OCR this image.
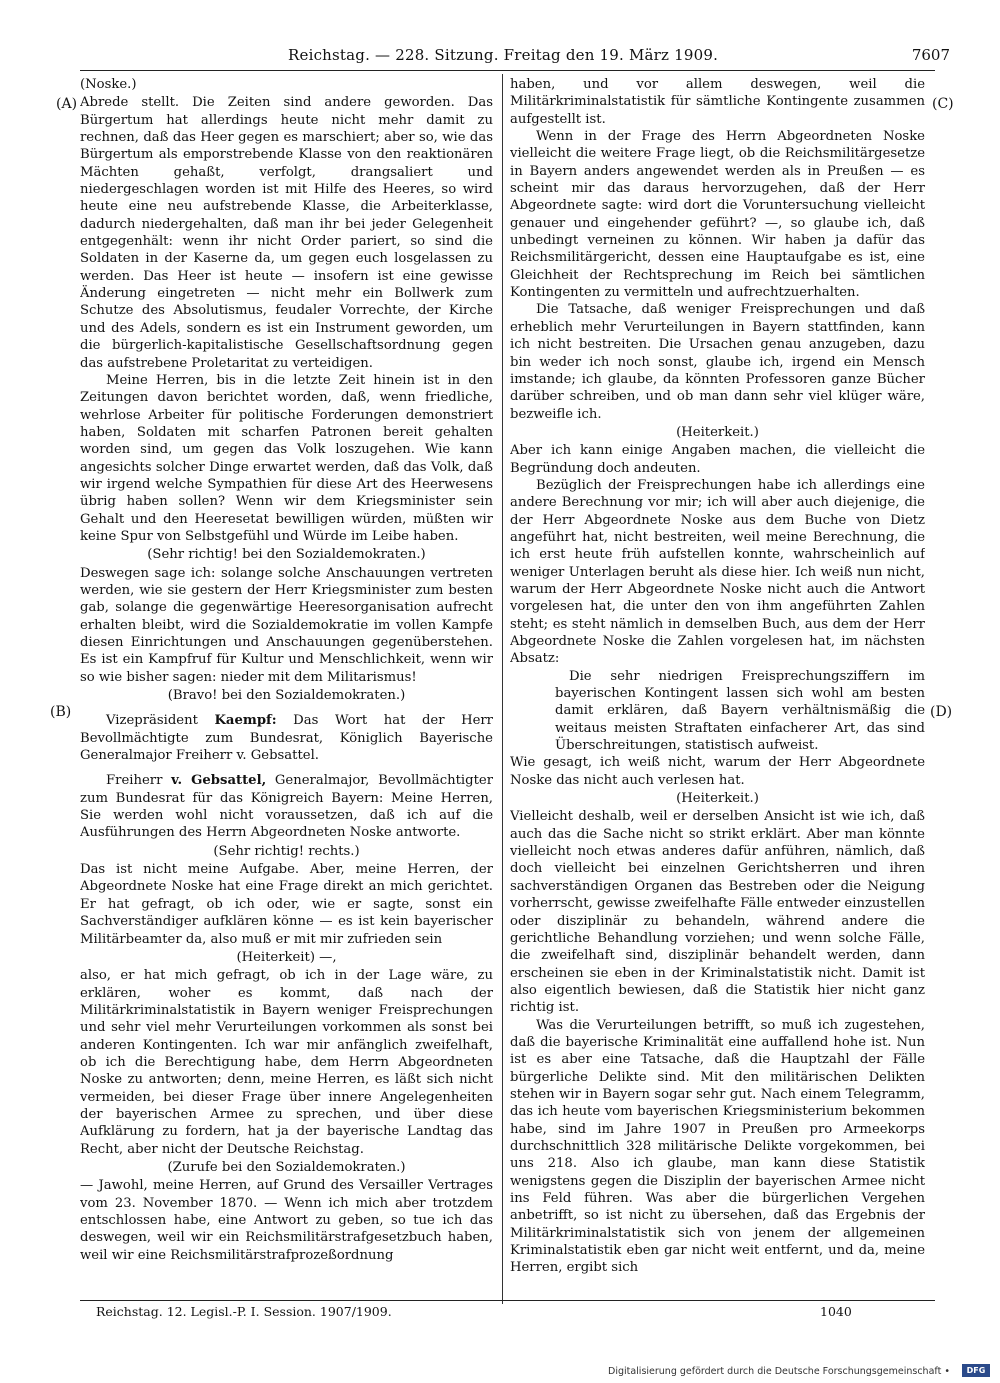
Reichstag. — 228. Sitzung. Freitag den 19. März 1909.	7607
(A)
(B)
(C)
(D)

(Noske.)

Abrede stellt. Die Zeiten sind andere geworden. Das Bürgertum hat allerdings heute nicht mehr damit zu rechnen, daß das Heer gegen es marschiert; aber so, wie das Bürgertum als emporstrebende Klasse von den reaktionären Mächten gehaßt, verfolgt, drangsaliert und niedergeschlagen worden ist mit Hilfe des Heeres, so wird heute eine neu aufstrebende Klasse, die Arbeiterklasse, dadurch niedergehalten, daß man ihr bei jeder Gelegenheit entgegenhält: wenn ihr nicht Order pariert, so sind die Soldaten in der Kaserne da, um gegen euch losgelassen zu werden. Das Heer ist heute — insofern ist eine gewisse Änderung eingetreten — nicht mehr ein Bollwerk zum Schutze des Absolutismus, feudaler Vorrechte, der Kirche und des Adels, sondern es ist ein Instrument geworden, um die bürgerlich-kapitalistische Gesellschaftsordnung gegen das aufstrebene Proletaritat zu verteidigen.

Meine Herren, bis in die letzte Zeit hinein ist in den Zeitungen davon berichtet worden, daß, wenn friedliche, wehrlose Arbeiter für politische Forderungen demonstriert haben, Soldaten mit scharfen Patronen bereit gehalten worden sind, um gegen das Volk loszugehen. Wie kann angesichts solcher Dinge erwartet werden, daß das Volk, daß wir irgend welche Sympathien für diese Art des Heerwesens übrig haben sollen? Wenn wir dem Kriegsminister sein Gehalt und den Heeresetat bewilligen würden, müßten wir keine Spur von Selbstgefühl und Würde im Leibe haben.

(Sehr richtig! bei den Sozialdemokraten.)

Deswegen sage ich: solange solche Anschauungen vertreten werden, wie sie gestern der Herr Kriegsminister zum besten gab, solange die gegenwärtige Heeresorganisation aufrecht erhalten bleibt, wird die Sozialdemokratie im vollen Kampfe diesen Einrichtungen und Anschauungen gegenüberstehen. Es ist ein Kampfruf für Kultur und Menschlichkeit, wenn wir so wie bisher sagen: nieder mit dem Militarismus!

(Bravo! bei den Sozialdemokraten.)

Vizepräsident Kaempf: Das Wort hat der Herr Bevollmächtigte zum Bundesrat, Königlich Bayerische Generalmajor Freiherr v. Gebsattel.

Freiherr v. Gebsattel, Generalmajor, Bevollmächtigter zum Bundesrat für das Königreich Bayern: Meine Herren, Sie werden wohl nicht voraussetzen, daß ich auf die Ausführungen des Herrn Abgeordneten Noske antworte.

(Sehr richtig! rechts.)

Das ist nicht meine Aufgabe. Aber, meine Herren, der Abgeordnete Noske hat eine Frage direkt an mich gerichtet. Er hat gefragt, ob ich oder, wie er sagte, sonst ein Sachverständiger aufklären könne — es ist kein bayerischer Militärbeamter da, also muß er mit mir zufrieden sein

(Heiterkeit) —,

also, er hat mich gefragt, ob ich in der Lage wäre, zu erklären, woher es kommt, daß nach der Militärkriminalstatistik in Bayern weniger Freisprechungen und sehr viel mehr Verurteilungen vorkommen als sonst bei anderen Kontingenten. Ich war mir anfänglich zweifelhaft, ob ich die Berechtigung habe, dem Herrn Abgeordneten Noske zu antworten; denn, meine Herren, es läßt sich nicht vermeiden, bei dieser Frage über innere Angelegenheiten der bayerischen Armee zu sprechen, und über diese Aufklärung zu fordern, hat ja der bayerische Landtag das Recht, aber nicht der Deutsche Reichstag.

(Zurufe bei den Sozialdemokraten.)

— Jawohl, meine Herren, auf Grund des Versailler Vertrages vom 23. November 1870. — Wenn ich mich aber trotzdem entschlossen habe, eine Antwort zu geben, so tue ich das deswegen, weil wir ein Reichsmilitärstrafgesetzbuch haben, weil wir eine Reichsmilitärstrafprozeßordnung

haben, und vor allem deswegen, weil die Militärkriminalstatistik für sämtliche Kontingente zusammen aufgestellt ist.

Wenn in der Frage des Herrn Abgeordneten Noske vielleicht die weitere Frage liegt, ob die Reichsmilitärgesetze in Bayern anders angewendet werden als in Preußen — es scheint mir das daraus hervorzugehen, daß der Herr Abgeordnete sagte: wird dort die Voruntersuchung vielleicht genauer und eingehender geführt? —, so glaube ich, daß unbedingt verneinen zu können. Wir haben ja dafür das Reichsmilitärgericht, dessen eine Hauptaufgabe es ist, eine Gleichheit der Rechtsprechung im Reich bei sämtlichen Kontingenten zu vermitteln und aufrechtzuerhalten.

Die Tatsache, daß weniger Freisprechungen und daß erheblich mehr Verurteilungen in Bayern stattfinden, kann ich nicht bestreiten. Die Ursachen genau anzugeben, dazu bin weder ich noch sonst, glaube ich, irgend ein Mensch imstande; ich glaube, da könnten Professoren ganze Bücher darüber schreiben, und ob man dann sehr viel klüger wäre, bezweifle ich.

(Heiterkeit.)

Aber ich kann einige Angaben machen, die vielleicht die Begründung doch andeuten.

Bezüglich der Freisprechungen habe ich allerdings eine andere Berechnung vor mir; ich will aber auch diejenige, die der Herr Abgeordnete Noske aus dem Buche von Dietz angeführt hat, nicht bestreiten, weil meine Berechnung, die ich erst heute früh aufstellen konnte, wahrscheinlich auf weniger Unterlagen beruht als diese hier. Ich weiß nun nicht, warum der Herr Abgeordnete Noske nicht auch die Antwort vorgelesen hat, die unter den von ihm angeführten Zahlen steht; es steht nämlich in demselben Buch, aus dem der Herr Abgeordnete Noske die Zahlen vorgelesen hat, im nächsten Absatz:

Die sehr niedrigen Freisprechungsziffern im bayerischen Kontingent lassen sich wohl am besten damit erklären, daß Bayern verhältnismäßig die weitaus meisten Straftaten einfacherer Art, das sind Überschreitungen, statistisch aufweist.

Wie gesagt, ich weiß nicht, warum der Herr Abgeordnete Noske das nicht auch verlesen hat.

(Heiterkeit.)

Vielleicht deshalb, weil er derselben Ansicht ist wie ich, daß auch das die Sache nicht so strikt erklärt. Aber man könnte vielleicht noch etwas anderes dafür anführen, nämlich, daß doch vielleicht bei einzelnen Gerichtsherren und ihren sachverständigen Organen das Bestreben oder die Neigung vorherrscht, gewisse zweifelhafte Fälle entweder einzustellen oder disziplinär zu behandeln, während andere die gerichtliche Behandlung vorziehen; und wenn solche Fälle, die zweifelhaft sind, disziplinär behandelt werden, dann erscheinen sie eben in der Kriminalstatistik nicht. Damit ist also eigentlich bewiesen, daß die Statistik hier nicht ganz richtig ist.

Was die Verurteilungen betrifft, so muß ich zugestehen, daß die bayerische Kriminalität eine auffallend hohe ist. Nun ist es aber eine Tatsache, daß die Hauptzahl der Fälle bürgerliche Delikte sind. Mit den militärischen Delikten stehen wir in Bayern sogar sehr gut. Nach einem Telegramm, das ich heute vom bayerischen Kriegsministerium bekommen habe, sind im Jahre 1907 in Preußen pro Armeekorps durchschnittlich 328 militärische Delikte vorgekommen, bei uns 218. Also ich glaube, man kann diese Statistik wenigstens gegen die Disziplin der bayerischen Armee nicht ins Feld führen. Was aber die bürgerlichen Vergehen anbetrifft, so ist nicht zu übersehen, daß das Ergebnis der Militärkriminalstatistik sich von jenem der allgemeinen Kriminalstatistik eben gar nicht weit entfernt, und da, meine Herren, ergibt sich

Reichstag. 12. Legisl.-P. I. Session. 1907/1909.	1040
Digitalisierung gefördert durch die Deutsche Forschungsgemeinschaft •	DFG
